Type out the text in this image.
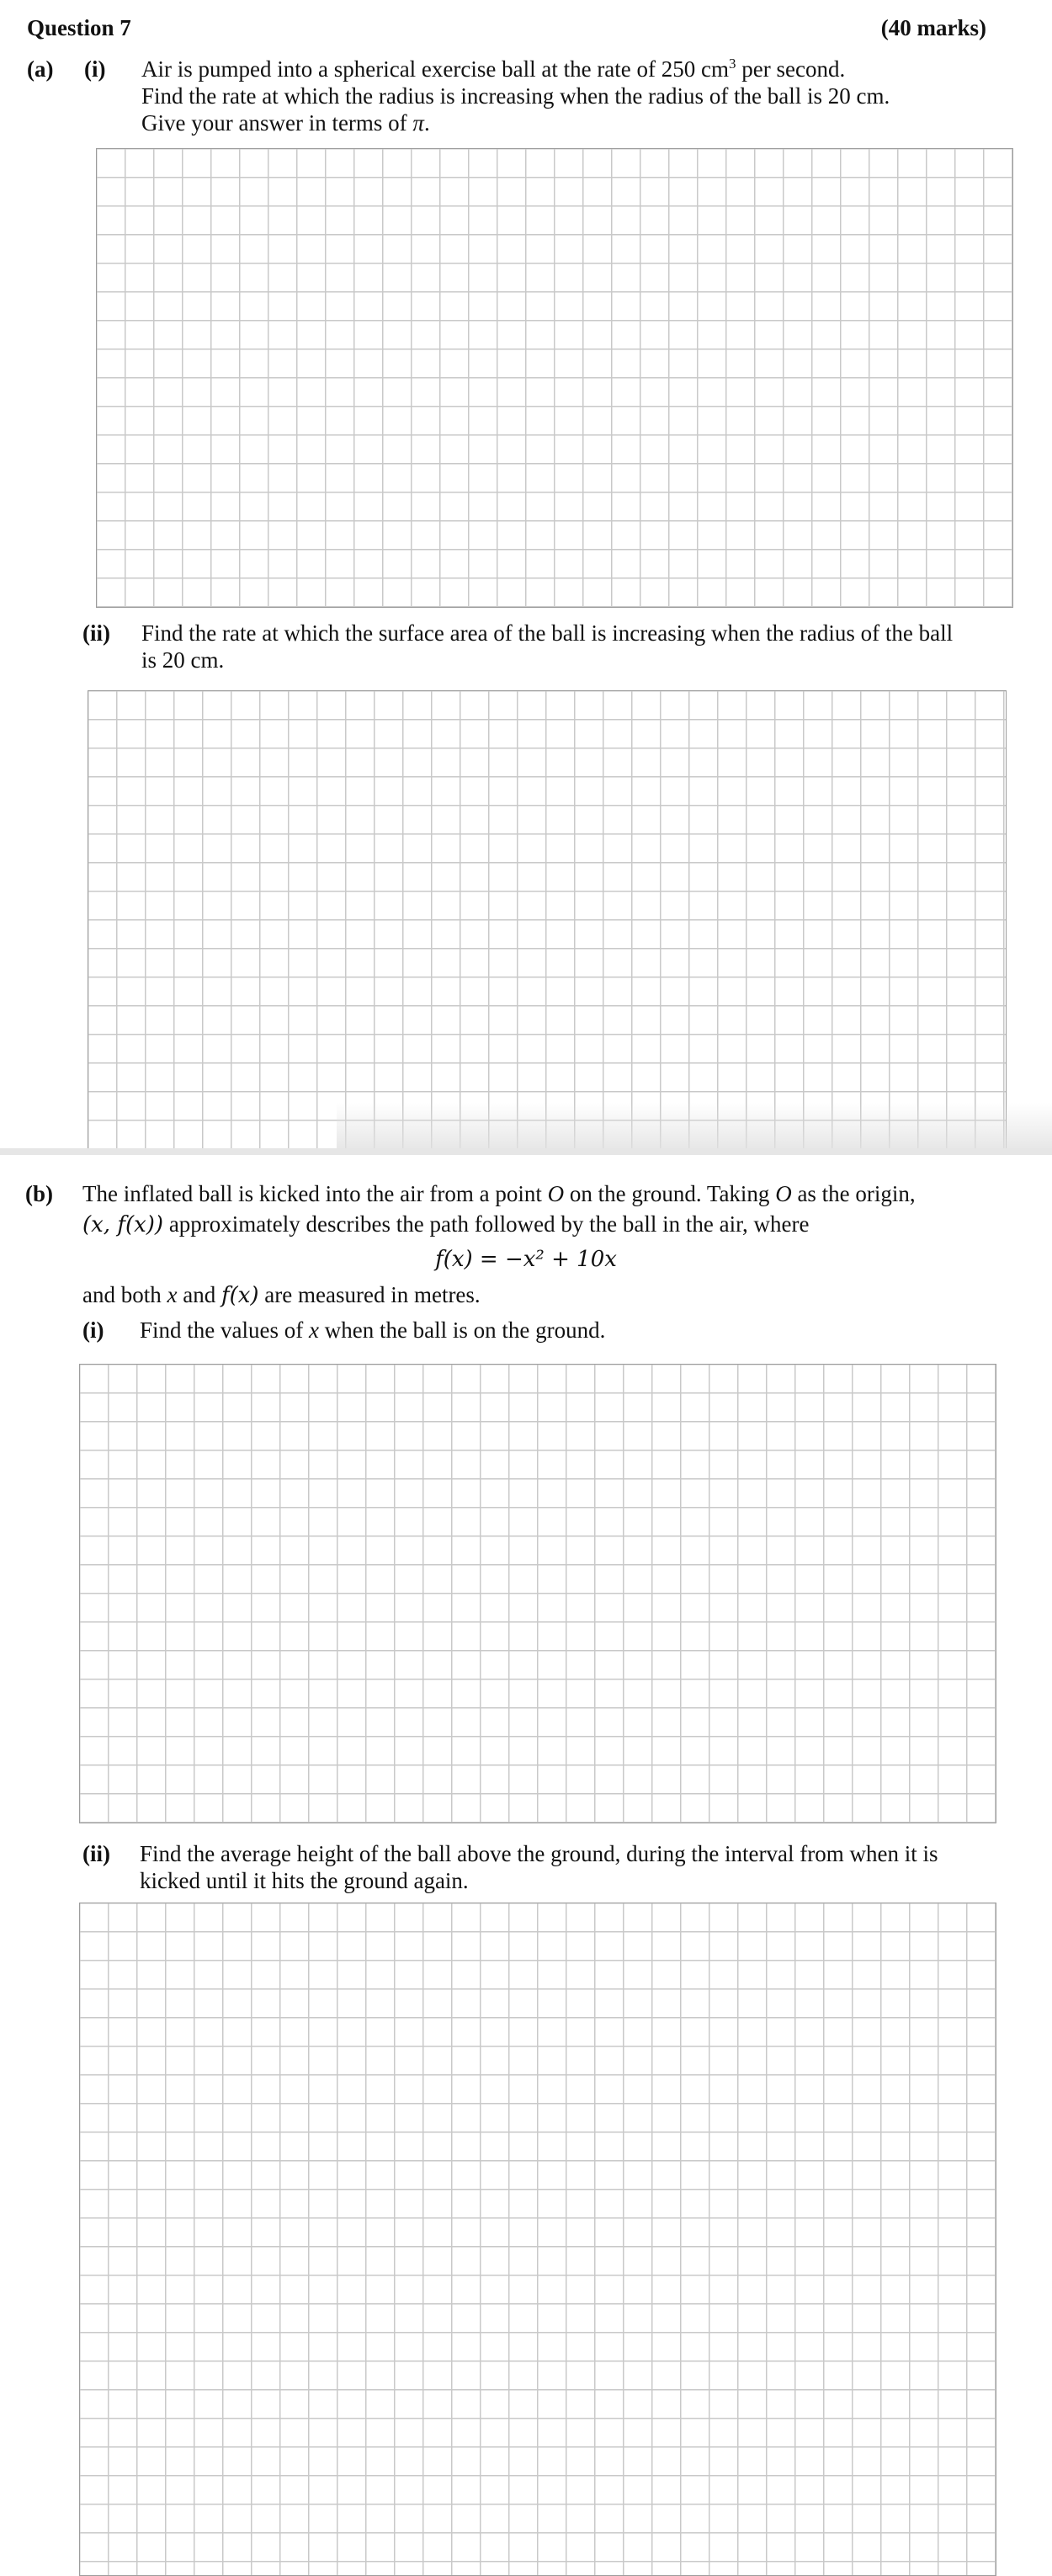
Question 7	(40 marks)
(a) (i) Air is pumped into a spherical exercise ball at the rate of 250 $cm^3$ per second.
Find the rate at which the radius is increasing when the radius of the ball is 20 cm.
Give your answer in terms of π.
(ii) Find the rate at which the surface area of the ball is increasing when the radius of the ball
is 20 cm.
(b) The inflated ball is kicked into the air from a point O on the ground. Taking O as the origin,
(x, f(x)) approximately describes the path followed by the ball in the air, where
f(x) = −x² + 10x
and both x and f(x) are measured in metres.
(i) Find the values of x when the ball is on the ground.
(ii) Find the average height of the ball above the ground, during the interval from when it is
kicked until it hits the ground again.
